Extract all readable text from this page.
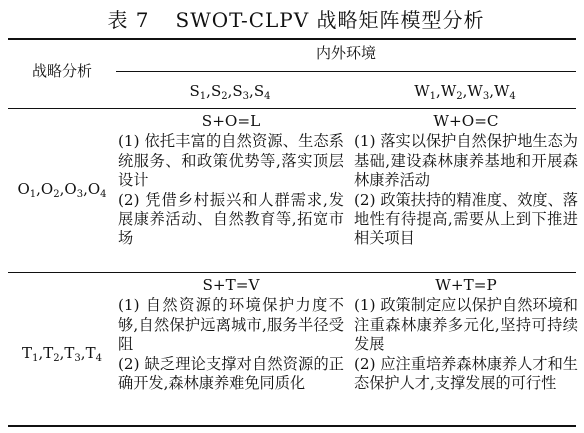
表 7 SWOT-CLPV 战略矩阵模型分析
战略分析
内外环境
$S_1,S_2,S_3,S_4$	$W_1,W_2,W_3,W_4$
$O_1,O_2,O_3,O_4$
S+O=L
(1) 依托丰富的自然资源、生态系统服务、和政策优势等,落实顶层设计
(2) 凭借乡村振兴和人群需求,发展康养活动、自然教育等,拓宽市场
W+O=C
(1) 落实以保护自然保护地生态为基础,建设森林康养基地和开展森林康养活动
(2) 政策扶持的精准度、效度、落地性有待提高,需要从上到下推进相关项目
$T_1,T_2,T_3,T_4$
S+T=V
(1) 自然资源的环境保护力度不够,自然保护远离城市,服务半径受阻
(2) 缺乏理论支撑对自然资源的正确开发,森林康养难免同质化
W+T=P
(1) 政策制定应以保护自然环境和注重森林康养多元化,坚持可持续发展
(2) 应注重培养森林康养人才和生态保护人才,支撑发展的可行性
